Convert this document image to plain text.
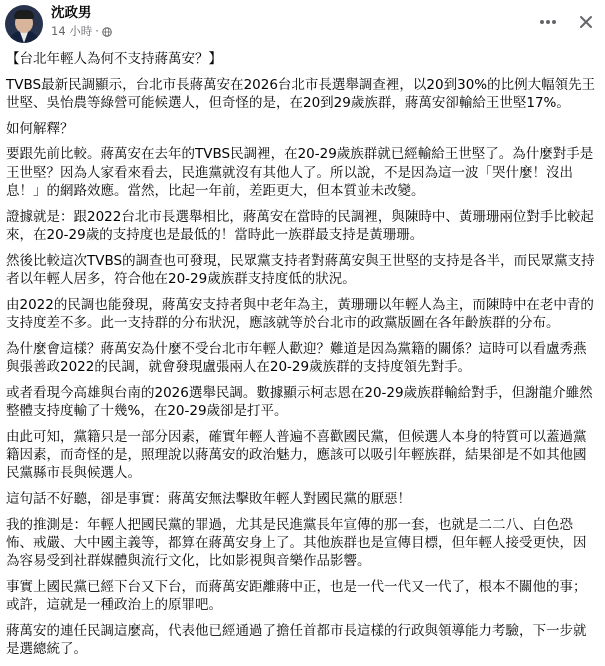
沈政男
14 小時 ·

【台北年輕人為何不支持蔣萬安？】

TVBS最新民調顯示，台北市長蔣萬安在2026台北市長選舉調查裡，以20到30%的比例大幅領先王世堅、吳怡農等綠營可能候選人，但奇怪的是，在20到29歲族群，蔣萬安卻輸給王世堅17%。

如何解釋？

要跟先前比較。蔣萬安在去年的TVBS民調裡，在20-29歲族群就已經輸給王世堅了。為什麼對手是王世堅？因為人家看來看去，民進黨就沒有其他人了。所以說，不是因為這一波「哭什麼！沒出息！」的網路效應。當然，比起一年前，差距更大，但本質並未改變。

證據就是：跟2022台北市長選舉相比，蔣萬安在當時的民調裡，與陳時中、黃珊珊兩位對手比較起來，在20-29歲的支持度也是最低的！當時此一族群最支持是黃珊珊。

然後比較這次TVBS的調查也可發現，民眾黨支持者對蔣萬安與王世堅的支持是各半，而民眾黨支持者以年輕人居多，符合他在20-29歲族群支持度低的狀況。

由2022的民調也能發現，蔣萬安支持者與中老年為主，黃珊珊以年輕人為主，而陳時中在老中青的支持度差不多。此一支持群的分布狀況，應該就等於台北市的政黨版圖在各年齡族群的分布。

為什麼會這樣？蔣萬安為什麼不受台北市年輕人歡迎？難道是因為黨籍的關係？這時可以看盧秀燕與張善政2022的民調，就會發現盧張兩人在20-29歲族群的支持度領先對手。

或者看現今高雄與台南的2026選舉民調。數據顯示柯志恩在20-29歲族群輸給對手，但謝龍介雖然整體支持度輸了十幾%，在20-29歲卻是打平。

由此可知，黨籍只是一部分因素，確實年輕人普遍不喜歡國民黨，但候選人本身的特質可以蓋過黨籍因素，而奇怪的是，照理說以蔣萬安的政治魅力，應該可以吸引年輕族群，結果卻是不如其他國民黨縣市長與候選人。

這句話不好聽，卻是事實：蔣萬安無法擊敗年輕人對國民黨的厭惡！

我的推測是：年輕人把國民黨的罪過，尤其是民進黨長年宣傳的那一套，也就是二二八、白色恐怖、戒嚴、大中國主義等，都算在蔣萬安身上了。其他族群也是宣傳目標，但年輕人接受更快，因為容易受到社群媒體與流行文化，比如影視與音樂作品影響。

事實上國民黨已經下台又下台，而蔣萬安距離蔣中正，也是一代一代又一代了，根本不關他的事；或許，這就是一種政治上的原罪吧。

蔣萬安的連任民調這麼高，代表他已經通過了擔任首都市長這樣的行政與領導能力考驗，下一步就是選總統了。
